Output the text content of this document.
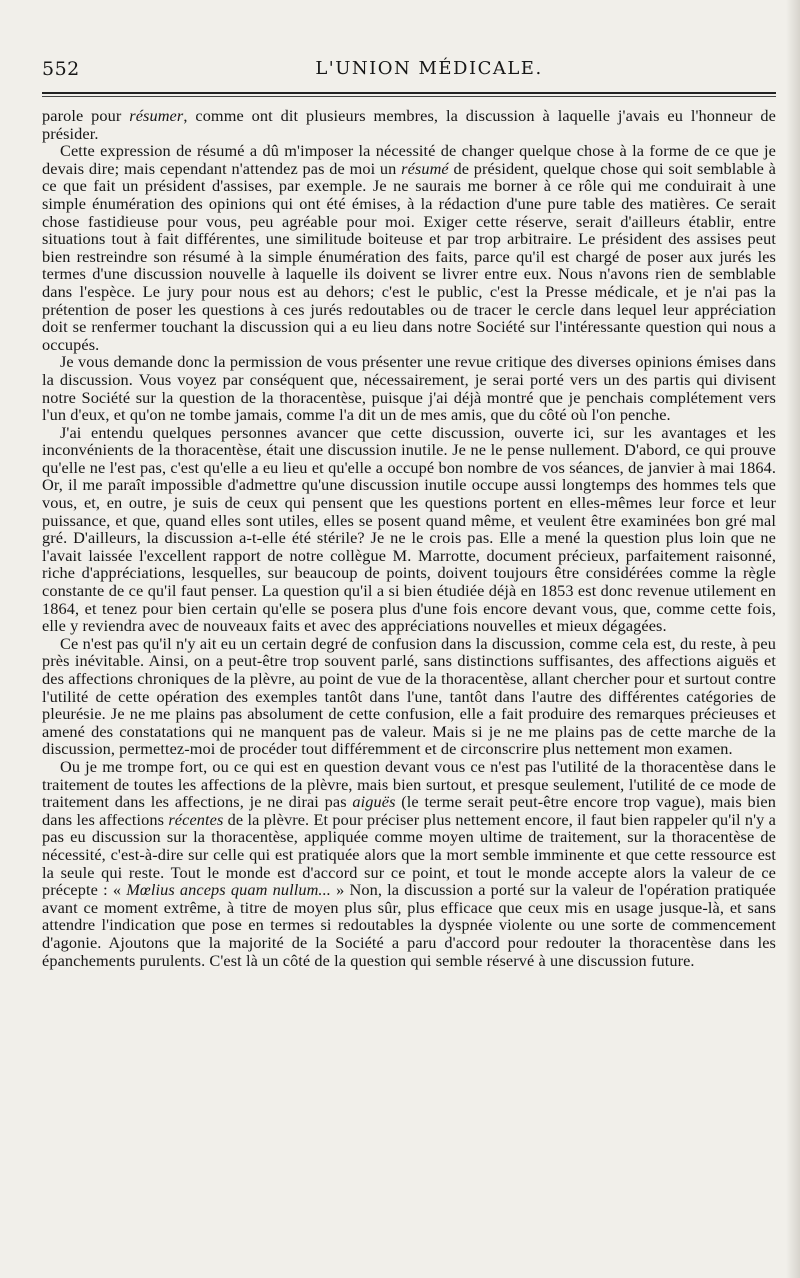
552	L'UNION MÉDICALE.

parole pour résumer, comme ont dit plusieurs membres, la discussion à laquelle j'avais eu l'honneur de présider.

Cette expression de résumé a dû m'imposer la nécessité de changer quelque chose à la forme de ce que je devais dire; mais cependant n'attendez pas de moi un résumé de président, quelque chose qui soit semblable à ce que fait un président d'assises, par exemple. Je ne saurais me borner à ce rôle qui me conduirait à une simple énumération des opinions qui ont été émises, à la rédaction d'une pure table des matières. Ce serait chose fastidieuse pour vous, peu agréable pour moi. Exiger cette réserve, serait d'ailleurs établir, entre situations tout à fait différentes, une similitude boiteuse et par trop arbitraire. Le président des assises peut bien restreindre son résumé à la simple énumération des faits, parce qu'il est chargé de poser aux jurés les termes d'une discussion nouvelle à laquelle ils doivent se livrer entre eux. Nous n'avons rien de semblable dans l'espèce. Le jury pour nous est au dehors; c'est le public, c'est la Presse médicale, et je n'ai pas la prétention de poser les questions à ces jurés redoutables ou de tracer le cercle dans lequel leur appréciation doit se renfermer touchant la discussion qui a eu lieu dans notre Société sur l'intéressante question qui nous a occupés.

Je vous demande donc la permission de vous présenter une revue critique des diverses opinions émises dans la discussion. Vous voyez par conséquent que, nécessairement, je serai porté vers un des partis qui divisent notre Société sur la question de la thoracentèse, puisque j'ai déjà montré que je penchais complétement vers l'un d'eux, et qu'on ne tombe jamais, comme l'a dit un de mes amis, que du côté où l'on penche.

J'ai entendu quelques personnes avancer que cette discussion, ouverte ici, sur les avantages et les inconvénients de la thoracentèse, était une discussion inutile. Je ne le pense nullement. D'abord, ce qui prouve qu'elle ne l'est pas, c'est qu'elle a eu lieu et qu'elle a occupé bon nombre de vos séances, de janvier à mai 1864. Or, il me paraît impossible d'admettre qu'une discussion inutile occupe aussi longtemps des hommes tels que vous, et, en outre, je suis de ceux qui pensent que les questions portent en elles-mêmes leur force et leur puissance, et que, quand elles sont utiles, elles se posent quand même, et veulent être examinées bon gré mal gré. D'ailleurs, la discussion a-t-elle été stérile? Je ne le crois pas. Elle a mené la question plus loin que ne l'avait laissée l'excellent rapport de notre collègue M. Marrotte, document précieux, parfaitement raisonné, riche d'appréciations, lesquelles, sur beaucoup de points, doivent toujours être considérées comme la règle constante de ce qu'il faut penser. La question qu'il a si bien étudiée déjà en 1853 est donc revenue utilement en 1864, et tenez pour bien certain qu'elle se posera plus d'une fois encore devant vous, que, comme cette fois, elle y reviendra avec de nouveaux faits et avec des appréciations nouvelles et mieux dégagées.

Ce n'est pas qu'il n'y ait eu un certain degré de confusion dans la discussion, comme cela est, du reste, à peu près inévitable. Ainsi, on a peut-être trop souvent parlé, sans distinctions suffisantes, des affections aiguës et des affections chroniques de la plèvre, au point de vue de la thoracentèse, allant chercher pour et surtout contre l'utilité de cette opération des exemples tantôt dans l'une, tantôt dans l'autre des différentes catégories de pleurésie. Je ne me plains pas absolument de cette confusion, elle a fait produire des remarques précieuses et amené des constatations qui ne manquent pas de valeur. Mais si je ne me plains pas de cette marche de la discussion, permettez-moi de procéder tout différemment et de circonscrire plus nettement mon examen.

Ou je me trompe fort, ou ce qui est en question devant vous ce n'est pas l'utilité de la thoracentèse dans le traitement de toutes les affections de la plèvre, mais bien surtout, et presque seulement, l'utilité de ce mode de traitement dans les affections, je ne dirai pas aiguës (le terme serait peut-être encore trop vague), mais bien dans les affections récentes de la plèvre. Et pour préciser plus nettement encore, il faut bien rappeler qu'il n'y a pas eu discussion sur la thoracentèse, appliquée comme moyen ultime de traitement, sur la thoracentèse de nécessité, c'est-à-dire sur celle qui est pratiquée alors que la mort semble imminente et que cette ressource est la seule qui reste. Tout le monde est d'accord sur ce point, et tout le monde accepte alors la valeur de ce précepte : « Mœlius anceps quam nullum... » Non, la discussion a porté sur la valeur de l'opération pratiquée avant ce moment extrême, à titre de moyen plus sûr, plus efficace que ceux mis en usage jusque-là, et sans attendre l'indication que pose en termes si redoutables la dyspnée violente ou une sorte de commencement d'agonie. Ajoutons que la majorité de la Société a paru d'accord pour redouter la thoracentèse dans les épanchements purulents. C'est là un côté de la question qui semble réservé à une discussion future.
